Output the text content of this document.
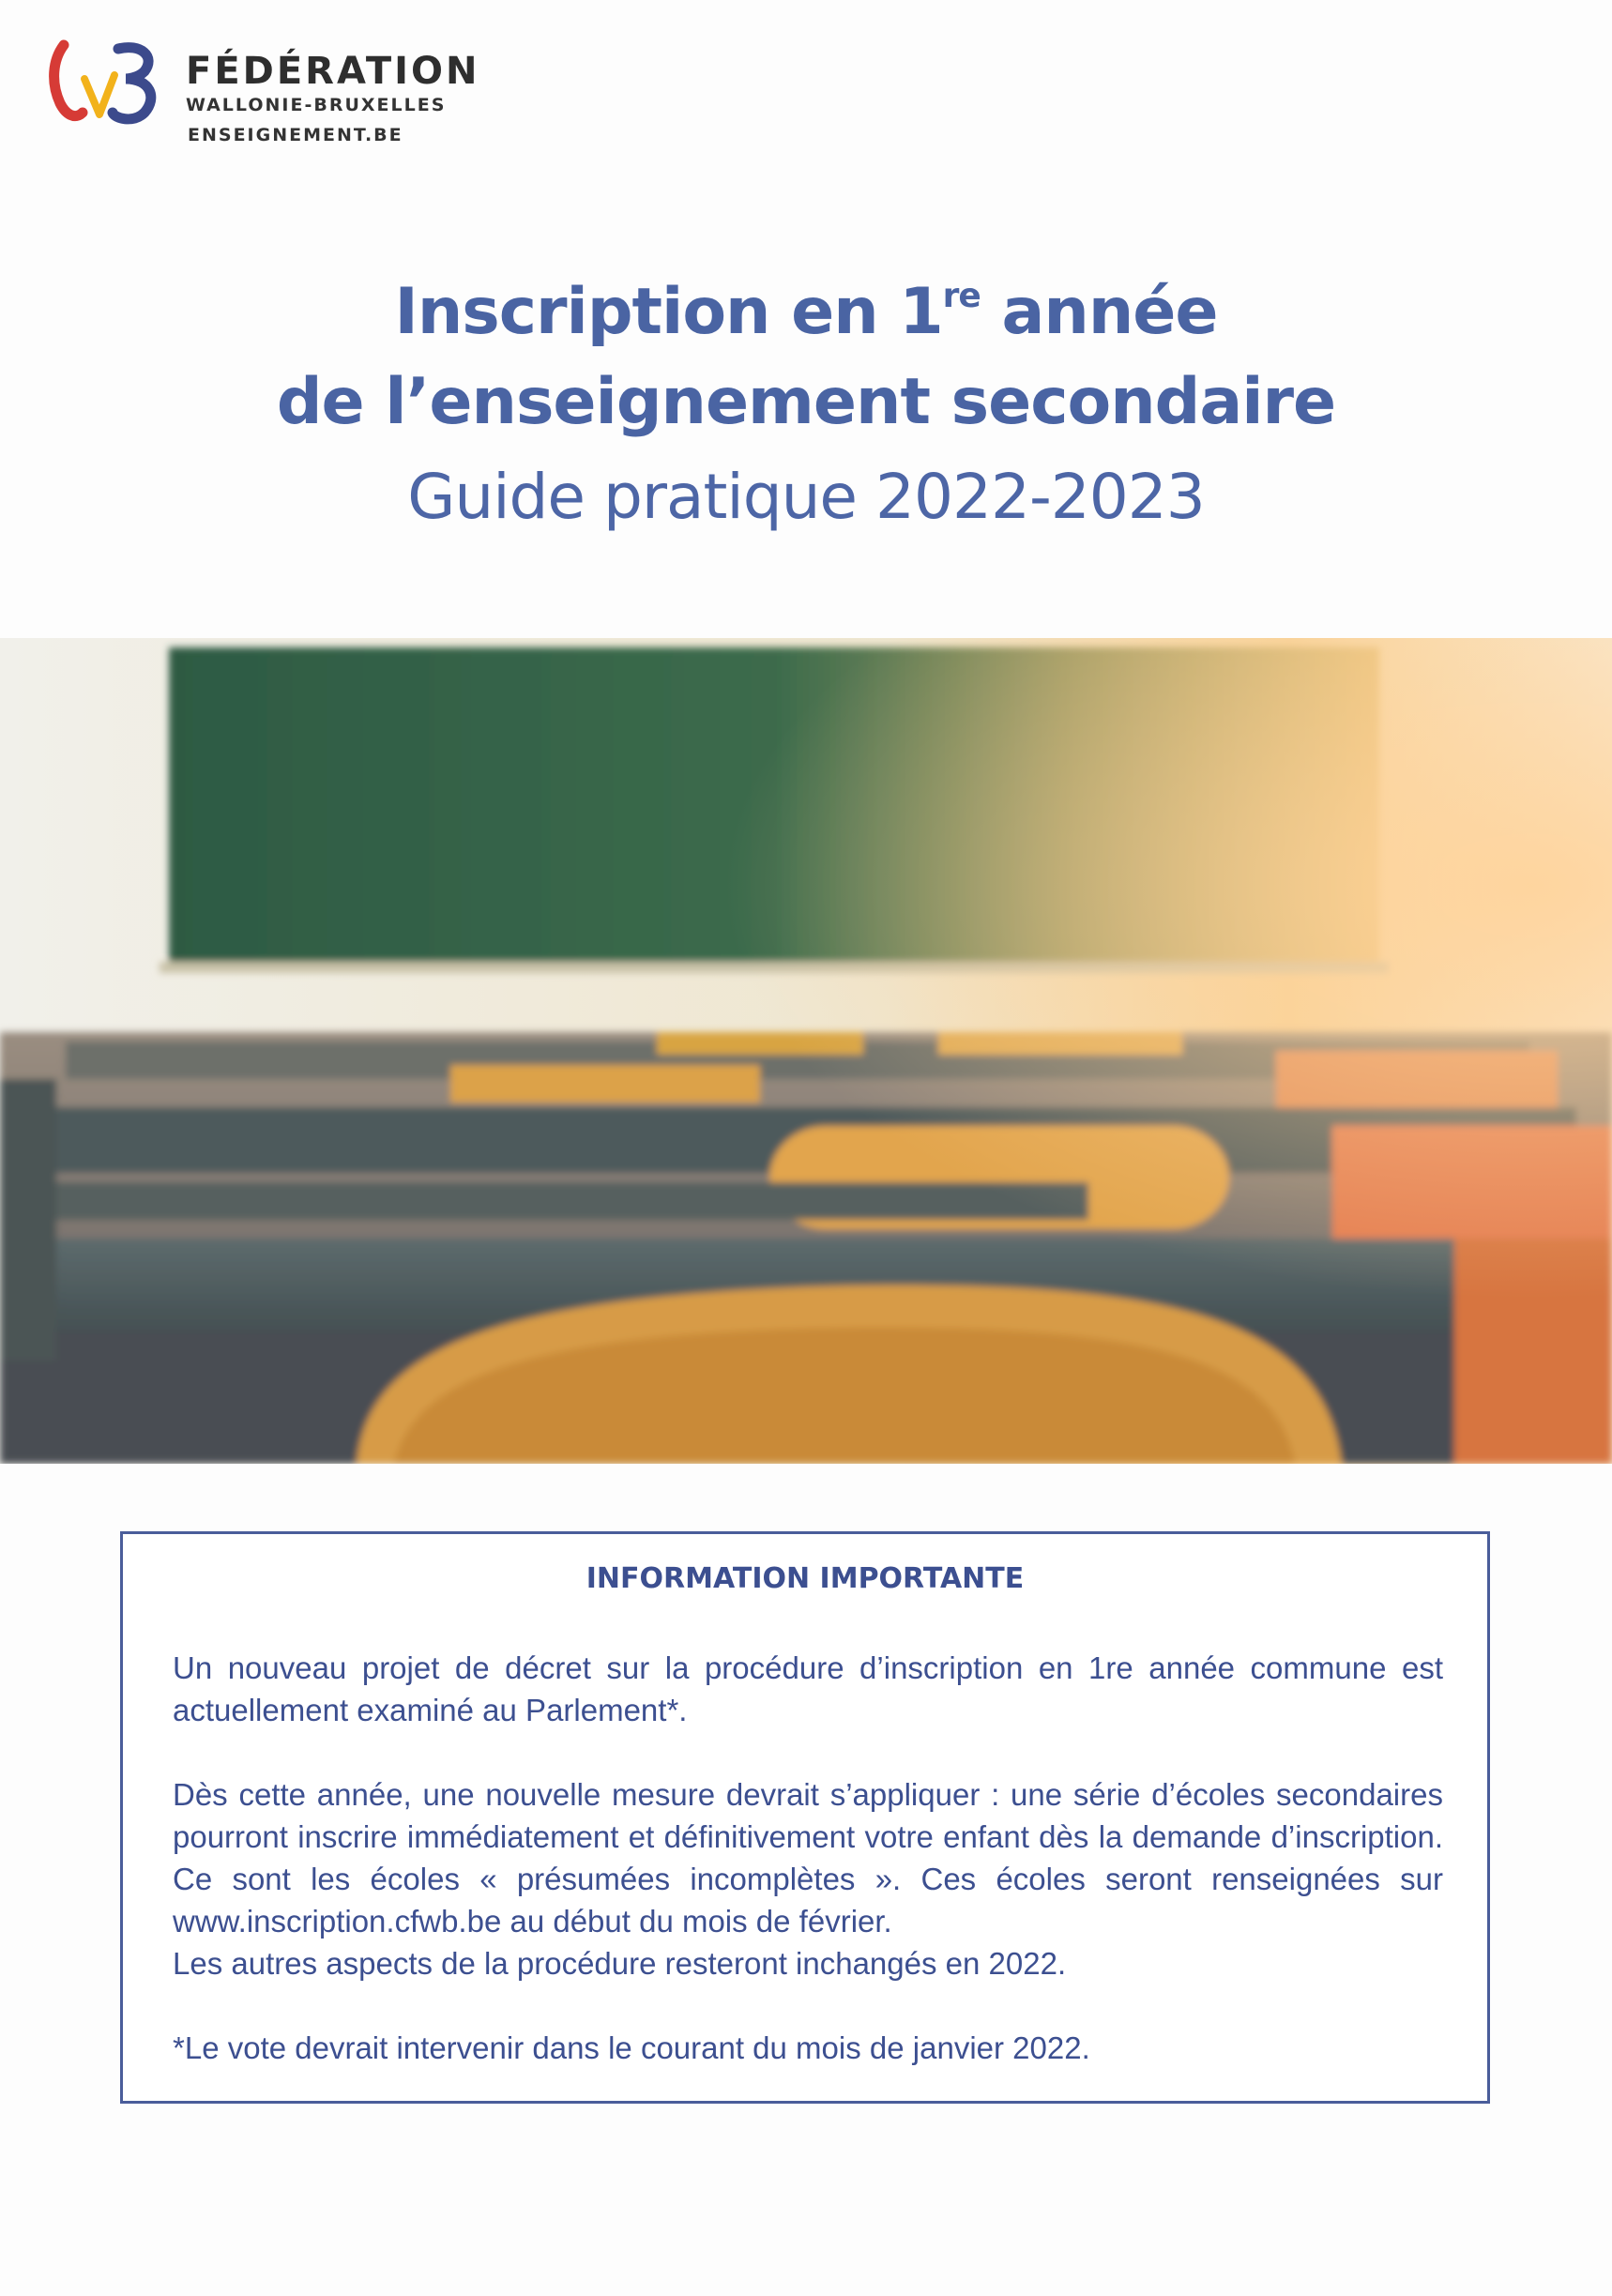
FÉDÉRATION
WALLONIE-BRUXELLES
ENSEIGNEMENT.BE
Inscription en 1re année
de l’enseignement secondaire
Guide pratique 2022-2023
INFORMATION IMPORTANTE

Un nouveau projet de décret sur la procédure d’inscription en 1re année commune est actuellement examiné au Parlement*.

Dès cette année, une nouvelle mesure devrait s’appliquer : une série d’écoles secondaires pourront inscrire immédiatement et définitivement votre enfant dès la demande d’inscription. Ce sont les écoles « présumées incomplètes ». Ces écoles seront renseignées sur www.inscription.cfwb.be au début du mois de février.

Les autres aspects de la procédure resteront inchangés en 2022.

*Le vote devrait intervenir dans le courant du mois de janvier 2022.
